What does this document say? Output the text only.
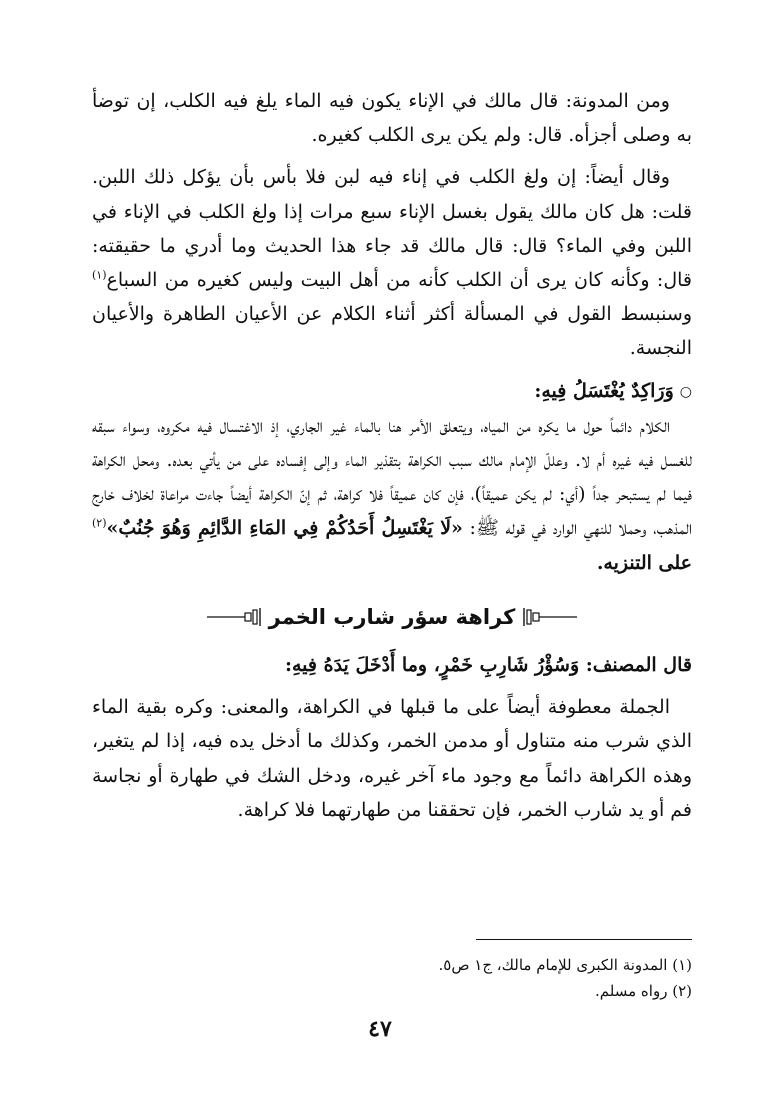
ومن المدونة: قال مالك في الإناء يكون فيه الماء يلغ فيه الكلب، إن توضأ به وصلى أجزأه. قال: ولم يكن يرى الكلب كغيره.

وقال أيضاً: إن ولغ الكلب في إناء فيه لبن فلا بأس بأن يؤكل ذلك اللبن. قلت: هل كان مالك يقول بغسل الإناء سبع مرات إذا ولغ الكلب في الإناء في اللبن وفي الماء؟ قال: قال مالك قد جاء هذا الحديث وما أدري ما حقيقته: قال: وكأنه كان يرى أن الكلب كأنه من أهل البيت وليس كغيره من السباع$^{(١)}$ وسنبسط القول في المسألة أكثر أثناء الكلام عن الأعيان الطاهرة والأعيان النجسة.

○وَرَاكِدٌ يُغْتَسَلُ فِيهِ:

الكلام دائماً حول ما يكره من المياه، ويتعلق الأمر هنا بالماء غير الجاري، إذ الاغتسال فيه مكروه، وسواء سبقه للغسل فيه غيره أم لا. وعللّ الإمام مالك سبب الكراهة بتقذير الماء وإلى إفساده على من يأتي بعده. ومحل الكراهة فيما لم يستبحر جداً (أي: لم يكن عميقاً)، فإن كان عميقاً فلا كراهة، ثم إنّ الكراهة أيضاً جاءت مراعاة لخلاف خارج المذهب، وحملا للنهي الوارد في قوله ﷺ: «لَا يَغْتَسِلُ أَحَدُكُمْ فِي المَاءِ الدَّائِمِ وَهُوَ جُنُبٌ»$^{(٢)}$ على التنزيه.

كراهة سؤر شارب الخمر

قال المصنف: وَسُؤْرُ شَارِبِ خَمْرٍ، وما أَدْخَلَ يَدَهُ فِيهِ:

الجملة معطوفة أيضاً على ما قبلها في الكراهة، والمعنى: وكره بقية الماء الذي شرب منه متناول أو مدمن الخمر، وكذلك ما أدخل يده فيه، إذا لم يتغير، وهذه الكراهة دائماً مع وجود ماء آخر غيره، ودخل الشك في طهارة أو نجاسة فم أو يد شارب الخمر، فإن تحققنا من طهارتهما فلا كراهة.

(١) المدونة الكبرى للإمام مالك، ج١ ص٥.

(٢) رواه مسلم.

٤٧
